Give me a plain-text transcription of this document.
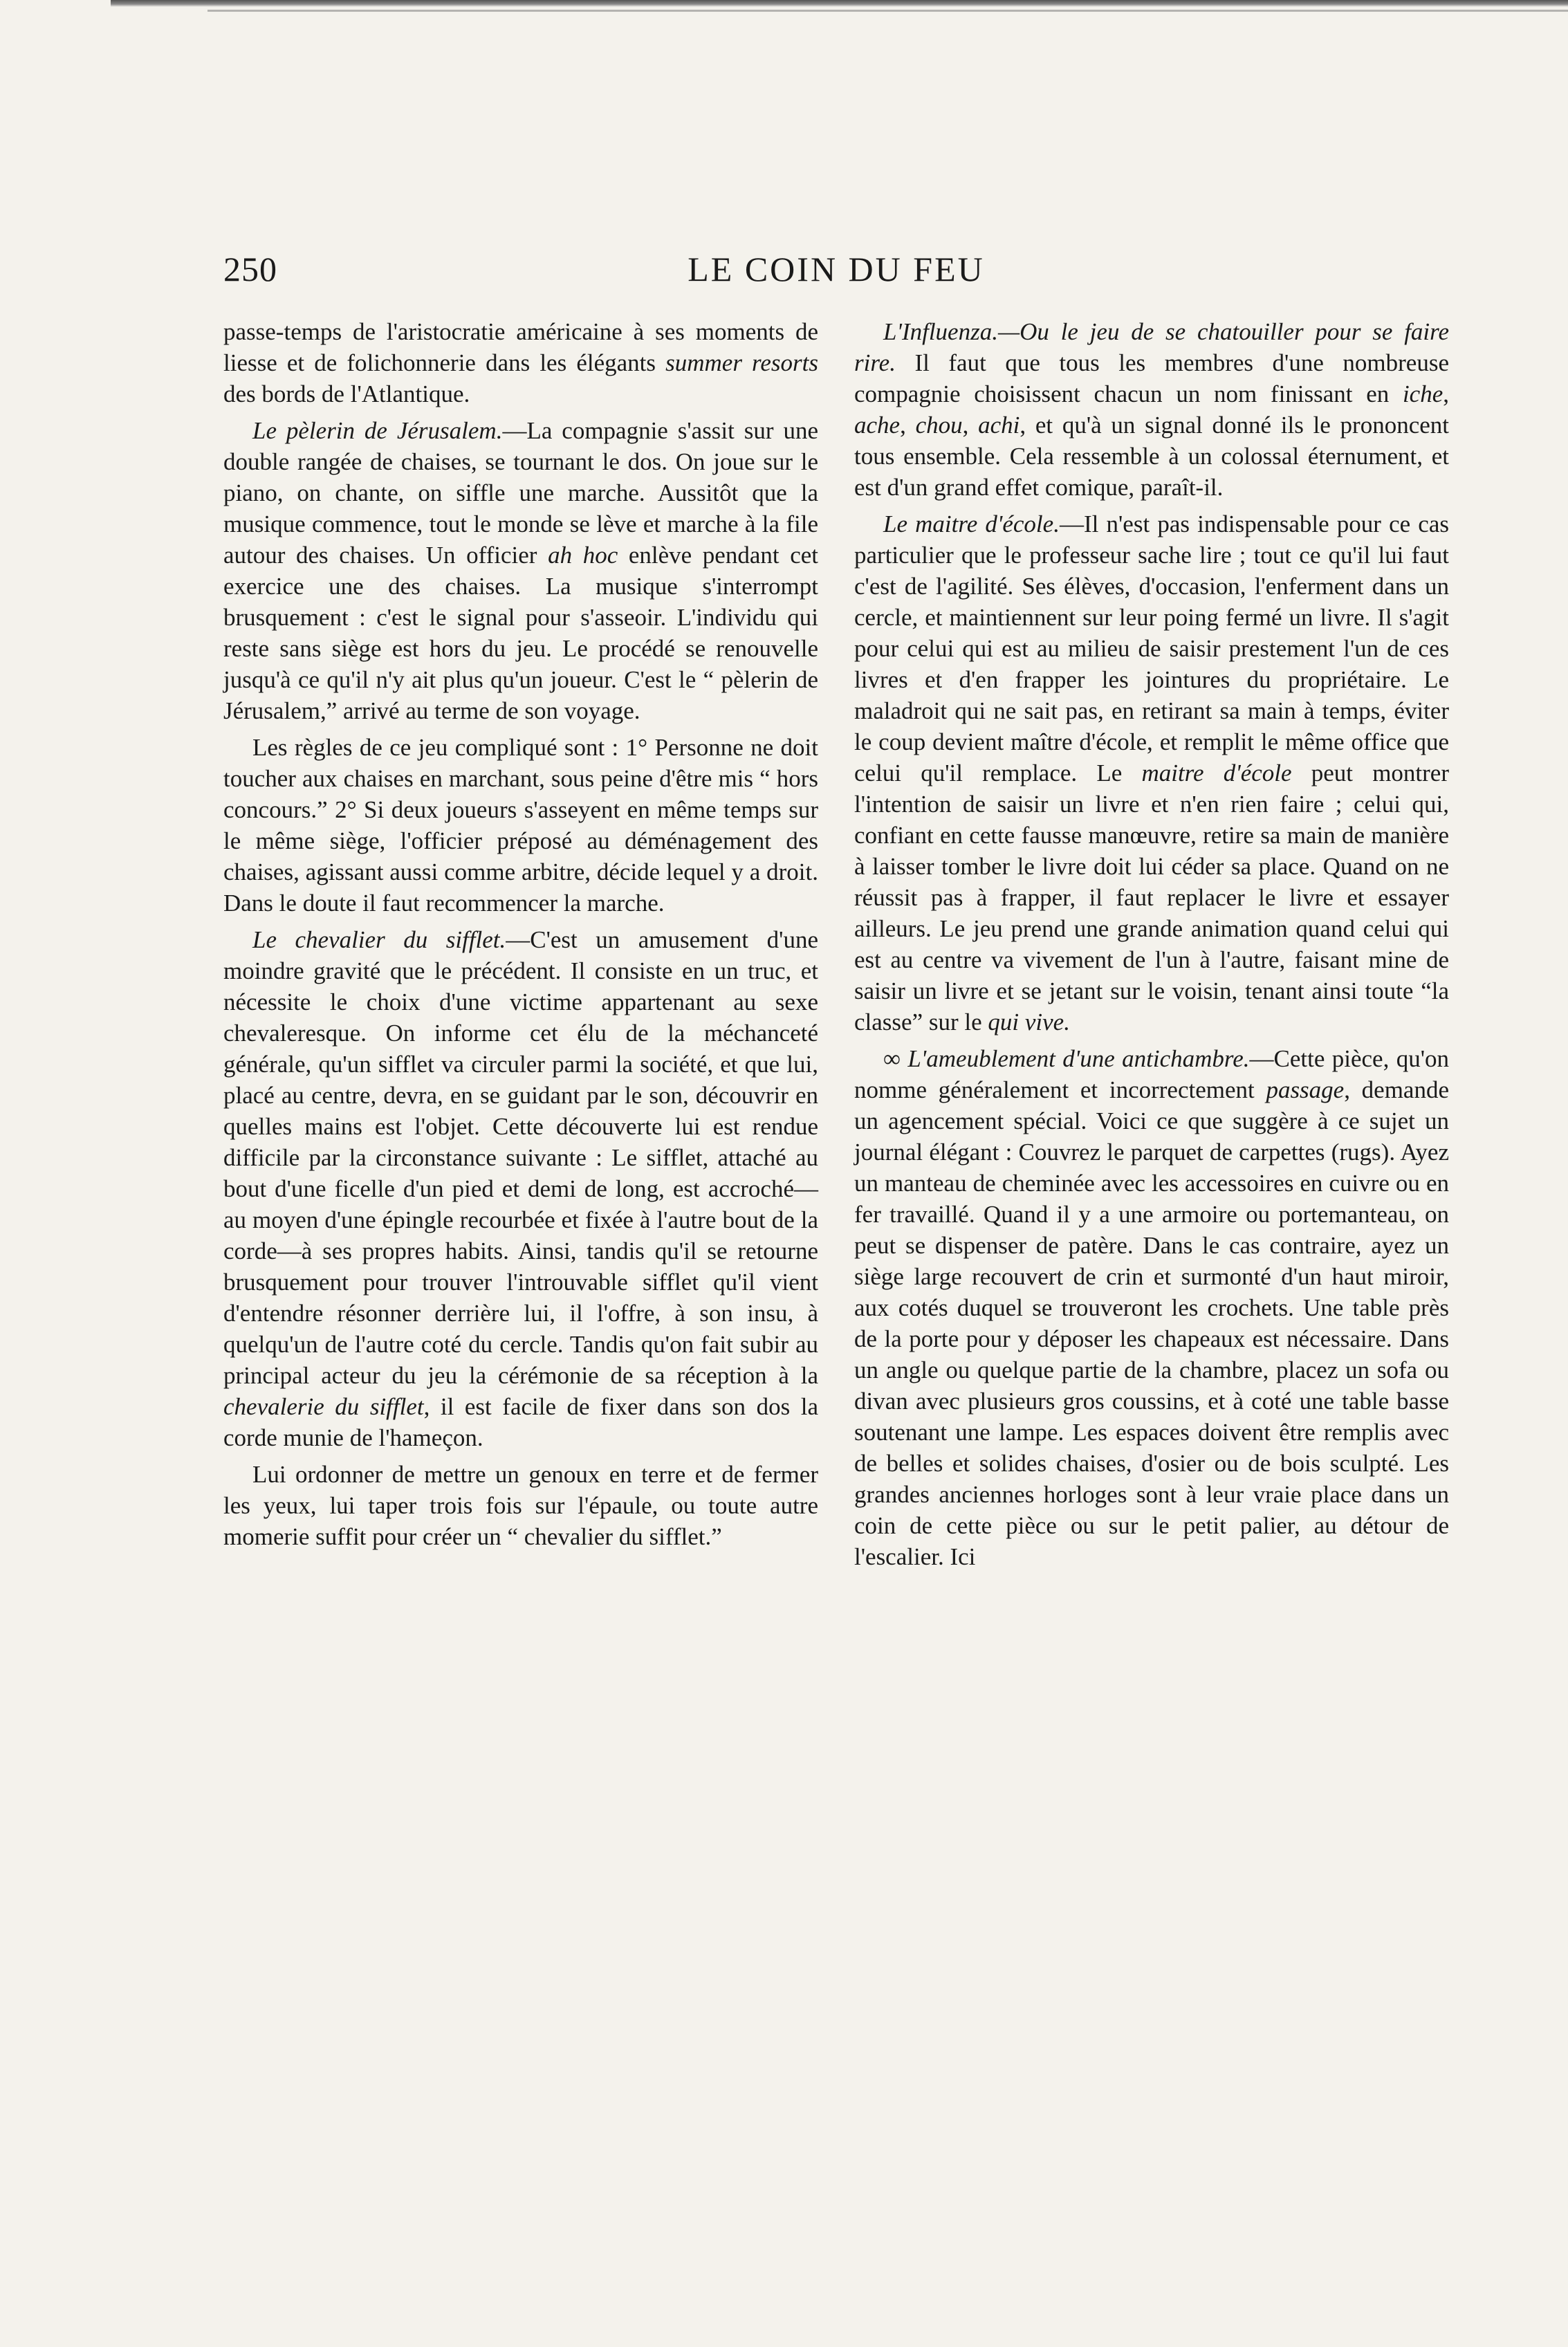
250	LE COIN DU FEU

passe-temps de l'aristocratie américaine à ses moments de liesse et de folichonnerie dans les élégants summer resorts des bords de l'Atlantique.

Le pèlerin de Jérusalem.—La compagnie s'assit sur une double rangée de chaises, se tournant le dos. On joue sur le piano, on chante, on siffle une marche. Aussitôt que la musique commence, tout le monde se lève et marche à la file autour des chaises. Un officier ah hoc enlève pendant cet exercice une des chaises. La musique s'interrompt brusquement : c'est le signal pour s'asseoir. L'individu qui reste sans siège est hors du jeu. Le procédé se renouvelle jusqu'à ce qu'il n'y ait plus qu'un joueur. C'est le “ pèlerin de Jérusalem,” arrivé au terme de son voyage.

Les règles de ce jeu compliqué sont : 1° Personne ne doit toucher aux chaises en marchant, sous peine d'être mis “ hors concours.” 2° Si deux joueurs s'asseyent en même temps sur le même siège, l'officier préposé au déménagement des chaises, agissant aussi comme arbitre, décide lequel y a droit. Dans le doute il faut recommencer la marche.

Le chevalier du sifflet.—C'est un amusement d'une moindre gravité que le précédent. Il consiste en un truc, et nécessite le choix d'une victime appartenant au sexe chevaleresque. On informe cet élu de la méchanceté générale, qu'un sifflet va circuler parmi la société, et que lui, placé au centre, devra, en se guidant par le son, découvrir en quelles mains est l'objet. Cette découverte lui est rendue difficile par la circonstance suivante : Le sifflet, attaché au bout d'une ficelle d'un pied et demi de long, est accroché—au moyen d'une épingle recourbée et fixée à l'autre bout de la corde—à ses propres habits. Ainsi, tandis qu'il se retourne brusquement pour trouver l'introuvable sifflet qu'il vient d'entendre résonner derrière lui, il l'offre, à son insu, à quelqu'un de l'autre coté du cercle. Tandis qu'on fait subir au principal acteur du jeu la cérémonie de sa réception à la chevalerie du sifflet, il est facile de fixer dans son dos la corde munie de l'hameçon.

Lui ordonner de mettre un genoux en terre et de fermer les yeux, lui taper trois fois sur l'épaule, ou toute autre momerie suffit pour créer un “ chevalier du sifflet.”

L'Influenza.—Ou le jeu de se chatouiller pour se faire rire. Il faut que tous les membres d'une nombreuse compagnie choisissent chacun un nom finissant en iche, ache, chou, achi, et qu'à un signal donné ils le prononcent tous ensemble. Cela ressemble à un colossal éternument, et est d'un grand effet comique, paraît-il.

Le maitre d'école.—Il n'est pas indispensable pour ce cas particulier que le professeur sache lire ; tout ce qu'il lui faut c'est de l'agilité. Ses élèves, d'occasion, l'enferment dans un cercle, et maintiennent sur leur poing fermé un livre. Il s'agit pour celui qui est au milieu de saisir prestement l'un de ces livres et d'en frapper les jointures du propriétaire. Le maladroit qui ne sait pas, en retirant sa main à temps, éviter le coup devient maître d'école, et remplit le même office que celui qu'il remplace. Le maitre d'école peut montrer l'intention de saisir un livre et n'en rien faire ; celui qui, confiant en cette fausse manœuvre, retire sa main de manière à laisser tomber le livre doit lui céder sa place. Quand on ne réussit pas à frapper, il faut replacer le livre et essayer ailleurs. Le jeu prend une grande animation quand celui qui est au centre va vivement de l'un à l'autre, faisant mine de saisir un livre et se jetant sur le voisin, tenant ainsi toute “la classe” sur le qui vive.

∞ L'ameublement d'une antichambre.—Cette pièce, qu'on nomme généralement et incorrectement passage, demande un agencement spécial. Voici ce que suggère à ce sujet un journal élégant : Couvrez le parquet de carpettes (rugs). Ayez un manteau de cheminée avec les accessoires en cuivre ou en fer travaillé. Quand il y a une armoire ou portemanteau, on peut se dispenser de patère. Dans le cas contraire, ayez un siège large recouvert de crin et surmonté d'un haut miroir, aux cotés duquel se trouveront les crochets. Une table près de la porte pour y déposer les chapeaux est nécessaire. Dans un angle ou quelque partie de la chambre, placez un sofa ou divan avec plusieurs gros coussins, et à coté une table basse soutenant une lampe. Les espaces doivent être remplis avec de belles et solides chaises, d'osier ou de bois sculpté. Les grandes anciennes horloges sont à leur vraie place dans un coin de cette pièce ou sur le petit palier, au détour de l'escalier. Ici
